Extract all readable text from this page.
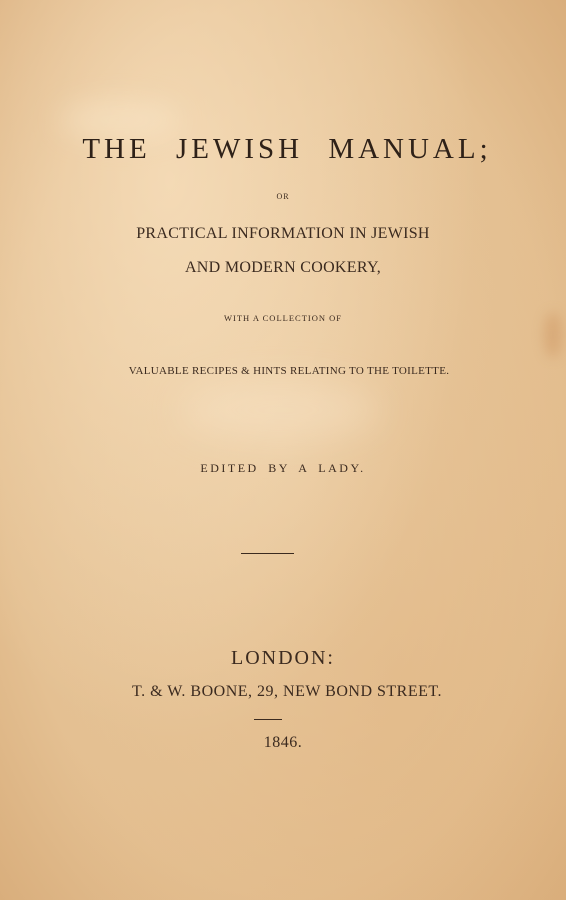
THE JEWISH MANUAL;
OR
PRACTICAL INFORMATION IN JEWISH
AND MODERN COOKERY,
WITH A COLLECTION OF
VALUABLE RECIPES & HINTS RELATING TO THE TOILETTE.
EDITED BY A LADY.
LONDON:
T. & W. BOONE, 29, NEW BOND STREET.
1846.
